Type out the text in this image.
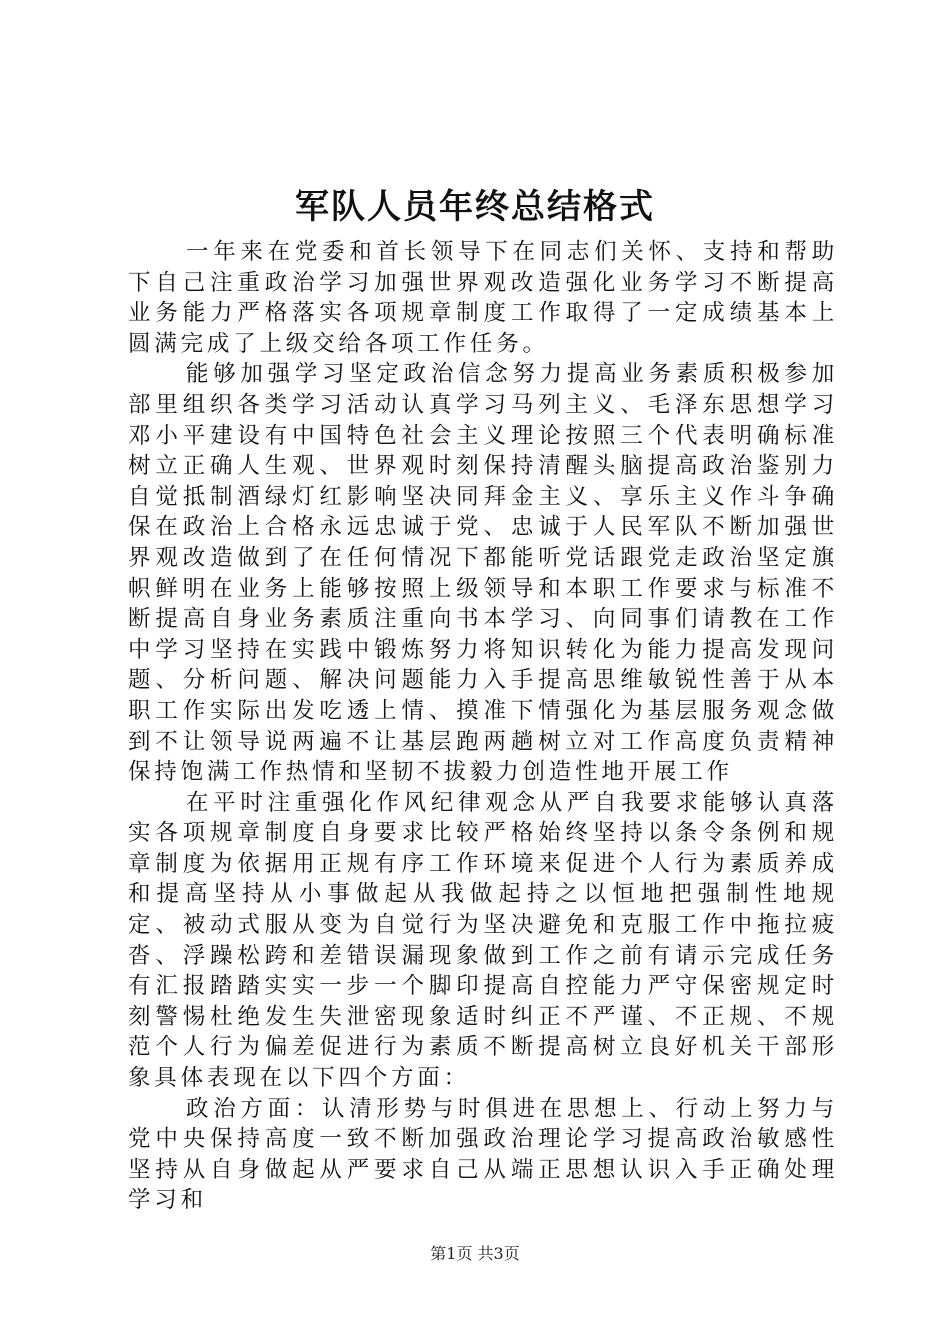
军队人员年终总结格式

一年来在党委和首长领导下在同志们关怀、支持和帮助下自己注重政治学习加强世界观改造强化业务学习不断提高业务能力严格落实各项规章制度工作取得了一定成绩基本上圆满完成了上级交给各项工作任务。

能够加强学习坚定政治信念努力提高业务素质积极参加部里组织各类学习活动认真学习马列主义、毛泽东思想学习邓小平建设有中国特色社会主义理论按照三个代表明确标准树立正确人生观、世界观时刻保持清醒头脑提高政治鉴别力自觉抵制酒绿灯红影响坚决同拜金主义、享乐主义作斗争确保在政治上合格永远忠诚于党、忠诚于人民军队不断加强世界观改造做到了在任何情况下都能听党话跟党走政治坚定旗帜鲜明在业务上能够按照上级领导和本职工作要求与标准不断提高自身业务素质注重向书本学习、向同事们请教在工作中学习坚持在实践中锻炼努力将知识转化为能力提高发现问题、分析问题、解决问题能力入手提高思维敏锐性善于从本职工作实际出发吃透上情、摸准下情强化为基层服务观念做到不让领导说两遍不让基层跑两趟树立对工作高度负责精神保持饱满工作热情和坚韧不拔毅力创造性地开展工作

在平时注重强化作风纪律观念从严自我要求能够认真落实各项规章制度自身要求比较严格始终坚持以条令条例和规章制度为依据用正规有序工作环境来促进个人行为素质养成和提高坚持从小事做起从我做起持之以恒地把强制性地规定、被动式服从变为自觉行为坚决避免和克服工作中拖拉疲沓、浮躁松跨和差错误漏现象做到工作之前有请示完成任务有汇报踏踏实实一步一个脚印提高自控能力严守保密规定时刻警惕杜绝发生失泄密现象适时纠正不严谨、不正规、不规范个人行为偏差促进行为素质不断提高树立良好机关干部形象具体表现在以下四个方面：

政治方面：认清形势与时俱进在思想上、行动上努力与党中央保持高度一致不断加强政治理论学习提高政治敏感性坚持从自身做起从严要求自己从端正思想认识入手正确处理学习和

第1页 共3页
